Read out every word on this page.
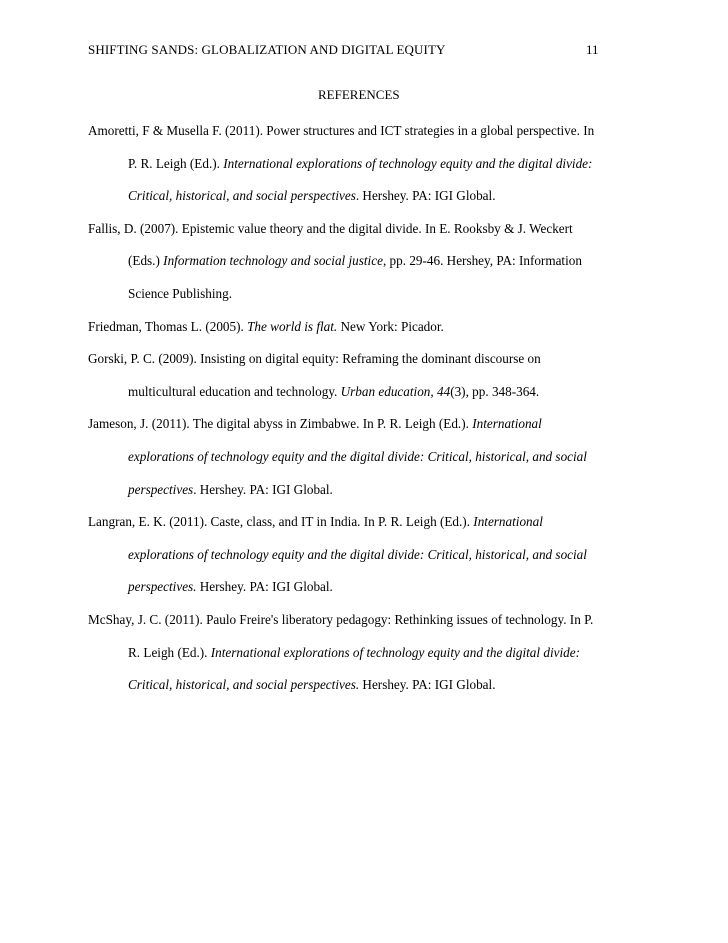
SHIFTING SANDS: GLOBALIZATION AND DIGITAL EQUITY	11
REFERENCES
Amoretti, F & Musella F. (2011). Power structures and ICT strategies in a global perspective. In
P. R. Leigh (Ed.). International explorations of technology equity and the digital divide:
Critical, historical, and social perspectives. Hershey. PA: IGI Global.
Fallis, D. (2007). Epistemic value theory and the digital divide. In E. Rooksby & J. Weckert
(Eds.) Information technology and social justice, pp. 29-46. Hershey, PA: Information
Science Publishing.
Friedman, Thomas L. (2005). The world is flat. New York: Picador.
Gorski, P. C. (2009). Insisting on digital equity: Reframing the dominant discourse on
multicultural education and technology. Urban education, 44(3), pp. 348-364.
Jameson, J. (2011). The digital abyss in Zimbabwe. In P. R. Leigh (Ed.). International
explorations of technology equity and the digital divide: Critical, historical, and social
perspectives. Hershey. PA: IGI Global.
Langran, E. K. (2011). Caste, class, and IT in India. In P. R. Leigh (Ed.). International
explorations of technology equity and the digital divide: Critical, historical, and social
perspectives. Hershey. PA: IGI Global.
McShay, J. C. (2011). Paulo Freire's liberatory pedagogy: Rethinking issues of technology. In P.
R. Leigh (Ed.). International explorations of technology equity and the digital divide:
Critical, historical, and social perspectives. Hershey. PA: IGI Global.
